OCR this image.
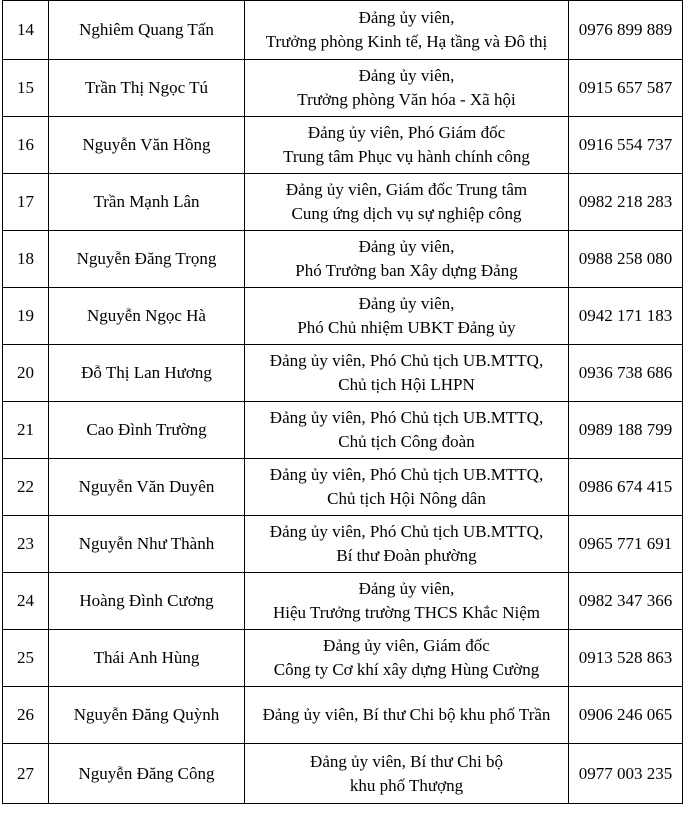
14	Nghiêm Quang Tấn	Đảng ủy viên,
Trưởng phòng Kinh tế, Hạ tầng và Đô thị	0976 899 889
15	Trần Thị Ngọc Tú	Đảng ủy viên,
Trưởng phòng Văn hóa - Xã hội	0915 657 587
16	Nguyễn Văn Hồng	Đảng ủy viên, Phó Giám đốc
Trung tâm Phục vụ hành chính công	0916 554 737
17	Trần Mạnh Lân	Đảng ủy viên, Giám đốc Trung tâm
Cung ứng dịch vụ sự nghiệp công	0982 218 283
18	Nguyễn Đăng Trọng	Đảng ủy viên,
Phó Trưởng ban Xây dựng Đảng	0988 258 080
19	Nguyễn Ngọc Hà	Đảng ủy viên,
Phó Chủ nhiệm UBKT Đảng ủy	0942 171 183
20	Đỗ Thị Lan Hương	Đảng ủy viên, Phó Chủ tịch UB.MTTQ,
Chủ tịch Hội LHPN	0936 738 686
21	Cao Đình Trường	Đảng ủy viên, Phó Chủ tịch UB.MTTQ,
Chủ tịch Công đoàn	0989 188 799
22	Nguyễn Văn Duyên	Đảng ủy viên, Phó Chủ tịch UB.MTTQ,
Chủ tịch Hội Nông dân	0986 674 415
23	Nguyễn Như Thành	Đảng ủy viên, Phó Chủ tịch UB.MTTQ,
Bí thư Đoàn phường	0965 771 691
24	Hoàng Đình Cương	Đảng ủy viên,
Hiệu Trưởng trường THCS Khắc Niệm	0982 347 366
25	Thái Anh Hùng	Đảng ủy viên, Giám đốc
Công ty Cơ khí xây dựng Hùng Cường	0913 528 863
26	Nguyễn Đăng Quỳnh	Đảng ủy viên, Bí thư Chi bộ khu phố Trần	0906 246 065
27	Nguyễn Đăng Công	Đảng ủy viên, Bí thư Chi bộ
khu phố Thượng	0977 003 235
